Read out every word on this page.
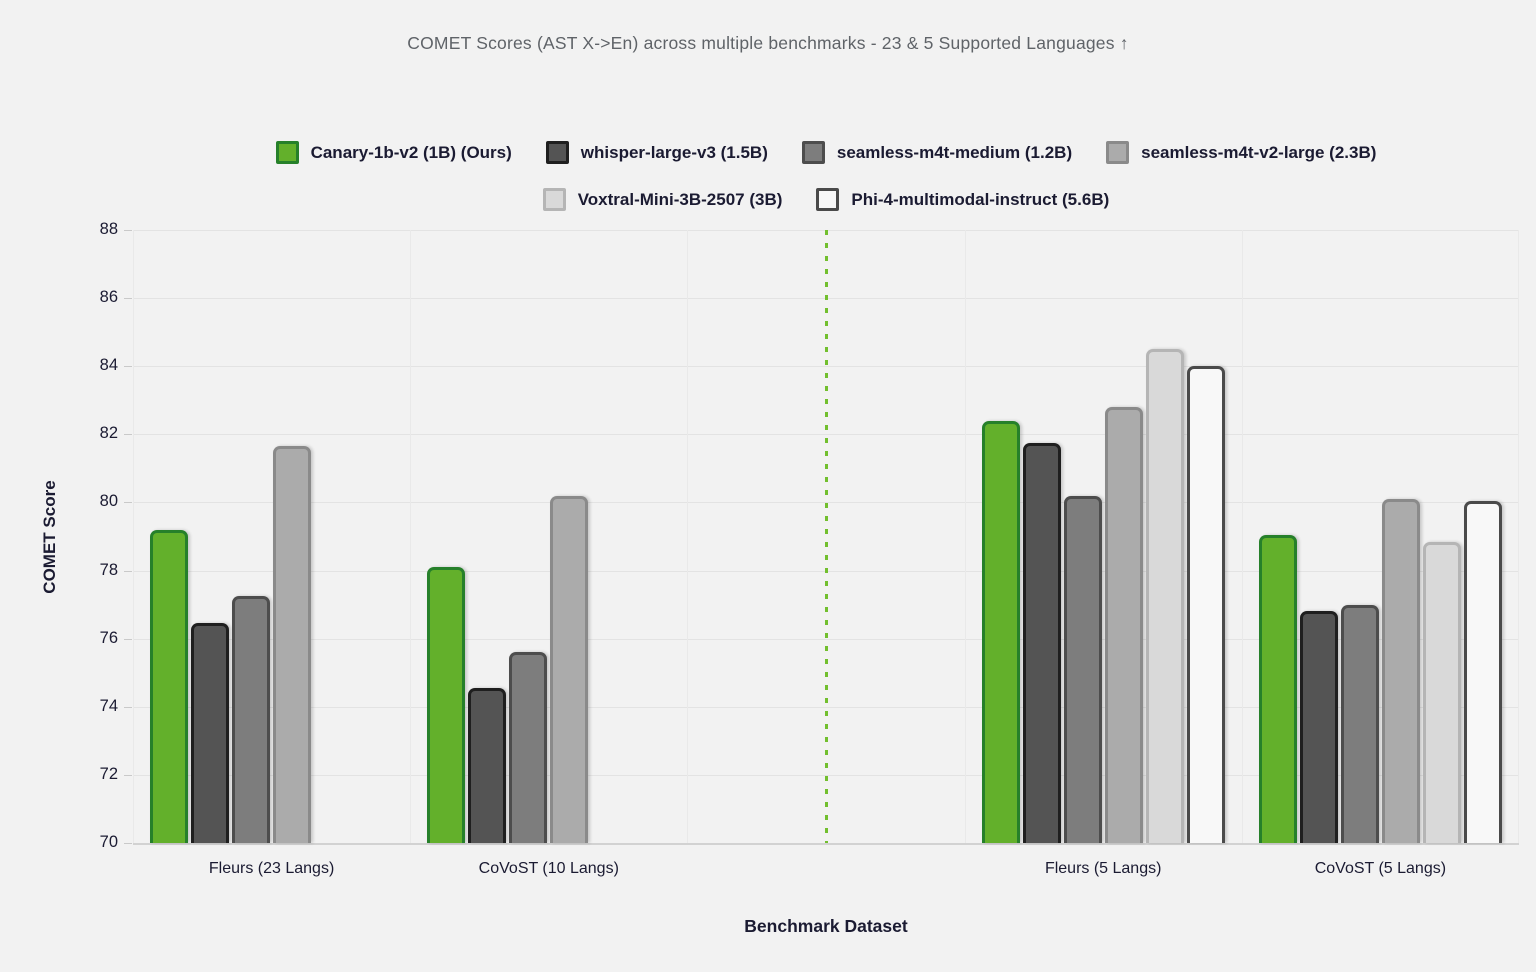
COMET Scores (AST X->En) across multiple benchmarks - 23 & 5 Supported Languages ↑
Canary-1b-v2 (1B) (Ours)	whisper-large-v3 (1.5B)	seamless-m4t-medium (1.2B)	seamless-m4t-v2-large (2.3B)
Voxtral-Mini-3B-2507 (3B)	Phi-4-multimodal-instruct (5.6B)
COMET Score
Benchmark Dataset
70
72
74
76
78
80
82
84
86
88
Fleurs (23 Langs)	CoVoST (10 Langs)	Fleurs (5 Langs)	CoVoST (5 Langs)
